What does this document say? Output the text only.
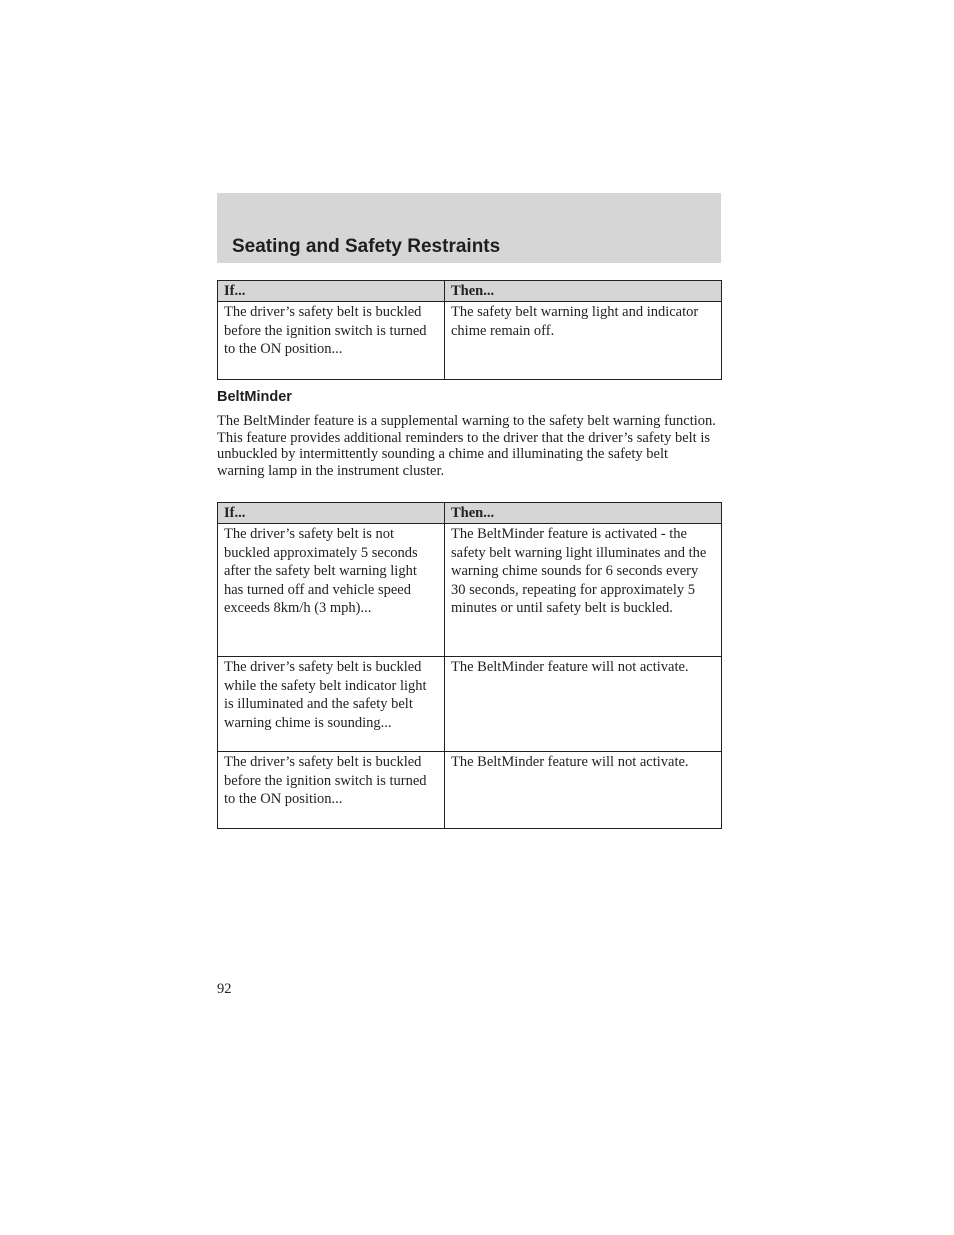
Seating and Safety Restraints
If...	Then...
The driver’s safety belt is buckled before the ignition switch is turned to the ON position...	The safety belt warning light and indicator chime remain off.
BeltMinder

The BeltMinder feature is a supplemental warning to the safety belt warning function. This feature provides additional reminders to the driver that the driver’s safety belt is unbuckled by intermittently sounding a chime and illuminating the safety belt warning lamp in the instrument cluster.

If...	Then...
The driver’s safety belt is not buckled approximately 5 seconds after the safety belt warning light has turned off and vehicle speed exceeds 8km/h (3 mph)...	The BeltMinder feature is activated - the safety belt warning light illuminates and the warning chime sounds for 6 seconds every 30 seconds, repeating for approximately 5 minutes or until safety belt is buckled.
The driver’s safety belt is buckled while the safety belt indicator light is illuminated and the safety belt warning chime is sounding...	The BeltMinder feature will not activate.
The driver’s safety belt is buckled before the ignition switch is turned to the ON position...	The BeltMinder feature will not activate.

92
